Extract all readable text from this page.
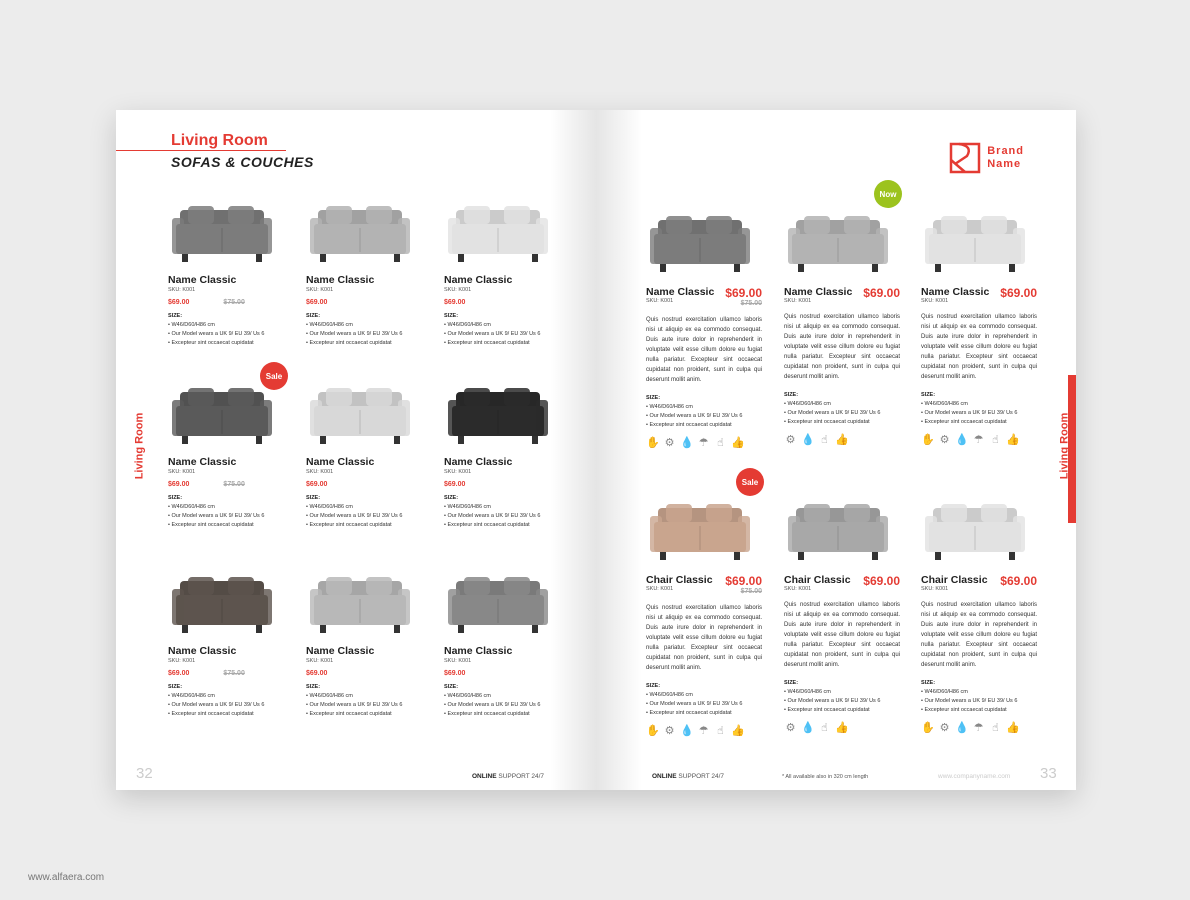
Living Room
SOFAS & COUCHES
Living Room
Name Classic
SKU: K001
$69.00	$75.00
SIZE:
• W46/D60/H86 cm
• Our Model wears a UK 9/ EU 39/ Us 6
• Excepteur sint occaecat cupidatat
Name Classic
SKU: K001
$69.00
SIZE:
• W46/D60/H86 cm
• Our Model wears a UK 9/ EU 39/ Us 6
• Excepteur sint occaecat cupidatat
Name Classic
SKU: K001
$69.00
SIZE:
• W46/D60/H86 cm
• Our Model wears a UK 9/ EU 39/ Us 6
• Excepteur sint occaecat cupidatat
Sale
Name Classic
SKU: K001
$69.00	$75.00
SIZE:
• W46/D60/H86 cm
• Our Model wears a UK 9/ EU 39/ Us 6
• Excepteur sint occaecat cupidatat
Name Classic
SKU: K001
$69.00
SIZE:
• W46/D60/H86 cm
• Our Model wears a UK 9/ EU 39/ Us 6
• Excepteur sint occaecat cupidatat
Name Classic
SKU: K001
$69.00
SIZE:
• W46/D60/H86 cm
• Our Model wears a UK 9/ EU 39/ Us 6
• Excepteur sint occaecat cupidatat
Name Classic
SKU: K001
$69.00	$75.00
SIZE:
• W46/D60/H86 cm
• Our Model wears a UK 9/ EU 39/ Us 6
• Excepteur sint occaecat cupidatat
Name Classic
SKU: K001
$69.00
SIZE:
• W46/D60/H86 cm
• Our Model wears a UK 9/ EU 39/ Us 6
• Excepteur sint occaecat cupidatat
Name Classic
SKU: K001
$69.00
SIZE:
• W46/D60/H86 cm
• Our Model wears a UK 9/ EU 39/ Us 6
• Excepteur sint occaecat cupidatat
32	ONLINE SUPPORT 24/7
Brand
Name
Living Room
Name Classic
SKU: K001
$69.00
$75.00
Quis nostrud exercitation ullamco laboris nisi ut aliquip ex ea commodo consequat. Duis aute irure dolor in reprehenderit in voluptate velit esse cillum dolore eu fugiat nulla pariatur. Excepteur sint occaecat cupidatat non proident, sunt in culpa qui deserunt mollit anim.
SIZE:
• W46/D60/H86 cm
• Our Model wears a UK 9/ EU 39/ Us 6
• Excepteur sint occaecat cupidatat
✋ ⚙ 💧 ☂ ☝ 👍
Now
Name Classic
SKU: K001
$69.00
Quis nostrud exercitation ullamco laboris nisi ut aliquip ex ea commodo consequat. Duis aute irure dolor in reprehenderit in voluptate velit esse cillum dolore eu fugiat nulla pariatur. Excepteur sint occaecat cupidatat non proident, sunt in culpa qui deserunt mollit anim.
SIZE:
• W46/D60/H86 cm
• Our Model wears a UK 9/ EU 39/ Us 6
• Excepteur sint occaecat cupidatat
⚙ 💧 ☝ 👍
Name Classic
SKU: K001
$69.00
Quis nostrud exercitation ullamco laboris nisi ut aliquip ex ea commodo consequat. Duis aute irure dolor in reprehenderit in voluptate velit esse cillum dolore eu fugiat nulla pariatur. Excepteur sint occaecat cupidatat non proident, sunt in culpa qui deserunt mollit anim.
SIZE:
• W46/D60/H86 cm
• Our Model wears a UK 9/ EU 39/ Us 6
• Excepteur sint occaecat cupidatat
✋ ⚙ 💧 ☂ ☝ 👍
Sale
Chair Classic
SKU: K001
$69.00
$75.00
Quis nostrud exercitation ullamco laboris nisi ut aliquip ex ea commodo consequat. Duis aute irure dolor in reprehenderit in voluptate velit esse cillum dolore eu fugiat nulla pariatur. Excepteur sint occaecat cupidatat non proident, sunt in culpa qui deserunt mollit anim.
SIZE:
• W46/D60/H86 cm
• Our Model wears a UK 9/ EU 39/ Us 6
• Excepteur sint occaecat cupidatat
✋ ⚙ 💧 ☂ ☝ 👍
Chair Classic
SKU: K001
$69.00
Quis nostrud exercitation ullamco laboris nisi ut aliquip ex ea commodo consequat. Duis aute irure dolor in reprehenderit in voluptate velit esse cillum dolore eu fugiat nulla pariatur. Excepteur sint occaecat cupidatat non proident, sunt in culpa qui deserunt mollit anim.
SIZE:
• W46/D60/H86 cm
• Our Model wears a UK 9/ EU 39/ Us 6
• Excepteur sint occaecat cupidatat
⚙ 💧 ☝ 👍
Chair Classic
SKU: K001
$69.00
Quis nostrud exercitation ullamco laboris nisi ut aliquip ex ea commodo consequat. Duis aute irure dolor in reprehenderit in voluptate velit esse cillum dolore eu fugiat nulla pariatur. Excepteur sint occaecat cupidatat non proident, sunt in culpa qui deserunt mollit anim.
SIZE:
• W46/D60/H86 cm
• Our Model wears a UK 9/ EU 39/ Us 6
• Excepteur sint occaecat cupidatat
✋ ⚙ 💧 ☂ ☝ 👍
ONLINE SUPPORT 24/7	* All available also in 320 cm length	www.companyname.com 33
www.alfaera.com
